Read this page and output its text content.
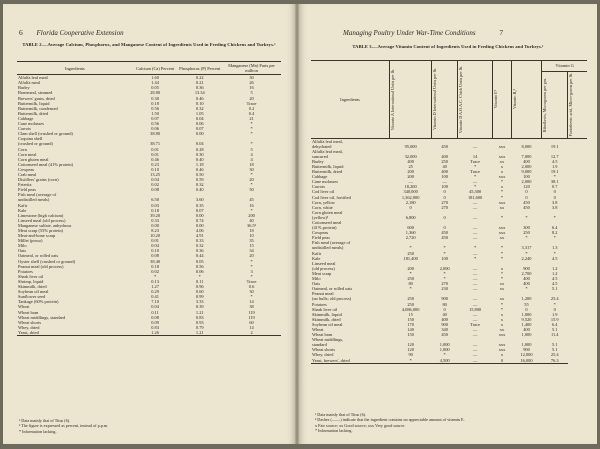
6 Florida Cooperative Extension
TABLE 2.—Average Calcium, Phosphorus, and Manganese Content of Ingredients Used in Feeding Chickens and Turkeys.¹
Ingredients	Calcium (Ca) Percent	Phosphorus (P) Percent	Manganese (Mn) Parts per million
Alfalfa leaf meal	1.60	0.22	30
Alfalfa meal	1.44	0.21	26
Barley	0.05	0.36	16
Bonemeal, steamed	28.80	13.34	5
Brewers' grain, dried	0.30	0.46	20
Buttermilk, liquid	0.18	0.10	Trace
Buttermilk, condensed	0.56	0.32	0.2
Buttermilk, dried	1.50	1.05	0.4
Cabbage	0.07	0.04	21
Cane molasses	0.56	0.06	*
Carrots	0.06	0.07	*
Clam shell (crushed or ground)	38.80	0.00	*
Coquina shell			
(crushed or ground)	38.71	0.04	*
Corn	0.01	0.28	5
Corn meal	0.01	0.30	4
Corn gluten meal	0.46	0.40	4
Cottonseed meal (41% protein)	0.23	1.18	18
Cowpeas	0.10	0.46	30
Crab meal	13.25	0.50	*
Distillers' grains (corn)	0.04	0.59	20
Feterita	0.02	0.32	*
Field peas	0.08	0.40	50
Fish meal (average of			
undistilled meals)	6.50	3.60	45
Kafir	0.03	0.35	16
Kale	0.18	0.07	*
Limestone (high calcium)	39.20	0.00	200
Linseed meal (old process)	0.33	0.74	40
Manganese sulfate, anhydrous	0.00	0.00	36.5³
Meat scrap (55% protein)	8.23	4.06	18
Meat-and-bone scrap	10.20	4.91	10
Millet (proso)	0.01	0.33	35
Milo	0.04	0.32	15
Oats	0.10	0.36	34
Oatmeal, or rolled oats	0.08	0.44	20
Oyster shell (crushed or ground)	38.40	0.05	*
Peanut meal (old process)	0.18	0.56	*
Potatoes	0.02	0.06	3
Shark liver oil	*	*	*
Shrimp, liquid	0.13	0.11	Trace
Skimmilk, dried	1.27	0.96	0.6
Soybean oil meal	0.29	0.60	30
Sunflower seed	0.41	0.99	*
Tankage (60% protein)	7.10	3.33	14
Wheat	0.04	0.39	38
Wheat bran	0.11	1.21	119
Wheat middlings, standard	0.08	0.83	119
Wheat shorts	0.09	0.93	60
Whey, dried	0.83	0.79	14
Yeast, dried	1.26	1.21	2
¹ Data mainly that of Titus (6).
² The figure is expressed as percent, instead of p.p.m.
* Information lacking.
Managing Poultry Under War-Time Conditions	7
TABLE 3.—Average Vitamin Content of Ingredients Used in Feeding Chickens and Turkeys.¹
Ingredients	Vitamin A International Units per lb.	Vitamin D International Units per lb.	Vitamin D A.O.A.C. Chick Units per lb.	Vitamin E²	Vitamin B₁²	Vitamin G	

						Riboflavin, Micrograms per gm.	Pantothenic acid, Micro-grams per lb.

Alfalfa leaf meal,							
dehydrated	95,000	450	—	xxx	8,000	19.1	
Alfalfa leaf meal,							
suncured	32,000	400	14	xxx	7,000	12.7	
Barley	400	250	Trace	xx	400	4.5	
Buttermilk, liquid	25	40	*	x	2,000	1.9	
Buttermilk, dried	200	400	Trace	x	9,000	19.1	
Cabbage	200	100	*	xxx	100	*	
Cane molasses	—	—	—	*	2,000	38.1	
Carrots	18,200	100	*	x	120	0.7	
Cod liver oil	340,000	0	45,300	*	0	0	
Cod liver oil, fortified	1,362,000	0	181,600	*	0	0	
Corn, yellow	2,180	270	—	xxx	450	3.8	
Corn, white	0	270	—	xx	450	3.8	
Corn gluten meal							
(yellow)³	6,800	0	—	*	*	*	
Cottonseed meal							
(41% protein)	600	0	—	xxx	300	6.4	
Cowpeas	1,360	450	—	xxx	250	8.2	
Field peas	2,720	450	—	xx	*	*	
Fish meal (average of							
undistilled meals)	*	*	*	*	3,317	1.3	
Kafir	250	*	—	*	*	*	
Kale	181,400	100	*	*	2,240	4.5	
Linseed meal							
(old process)	200	2,000	—	x	900	1.2	
Meat scrap	*	*	—	*	2,700	1.2	
Milo	250	*	—	*	400	4.5	
Oats	80	270	—	xx	400	4.5	
Oatmeal, or rolled oats	*	230	—	xx	*	5.1	
Peanut meal							
(no hulls; old process)	250	900	—	xx	1,200	25.4	
Potatoes	250	80	—	*	55	*	
Shark liver oil	4,086,000	0	15,800	*	0	0	
Skimmilk, liquid	15	40	—	x	1,000	1.9	
Skimmilk, dried	150	400	—	x	9,520	15.9	
Soybean oil meal	170	900	Trace	x	1,400	6.4	
Wheat	140	340	—	xx	400	5.1	
Wheat bran	150	450	—	xxx	1,000	11.4	
Wheat middlings,							
standard	120	1,000	—	xxx	1,000	5.1	
Wheat shorts	120	1,000	—	xxx	900	5.1	
Whey, dried	90	*	—	x	12,000	25.4	
Yeast, brewers', dried	*	4,500	—	0	16,000	76.3	
¹ Data mainly that of Titus (6).
² Dashes (——) indicate that the ingredient contains no appreciable amount of vitamin E.
x Fair source; xx Good source; xxx Very good source.
* Information lacking.
